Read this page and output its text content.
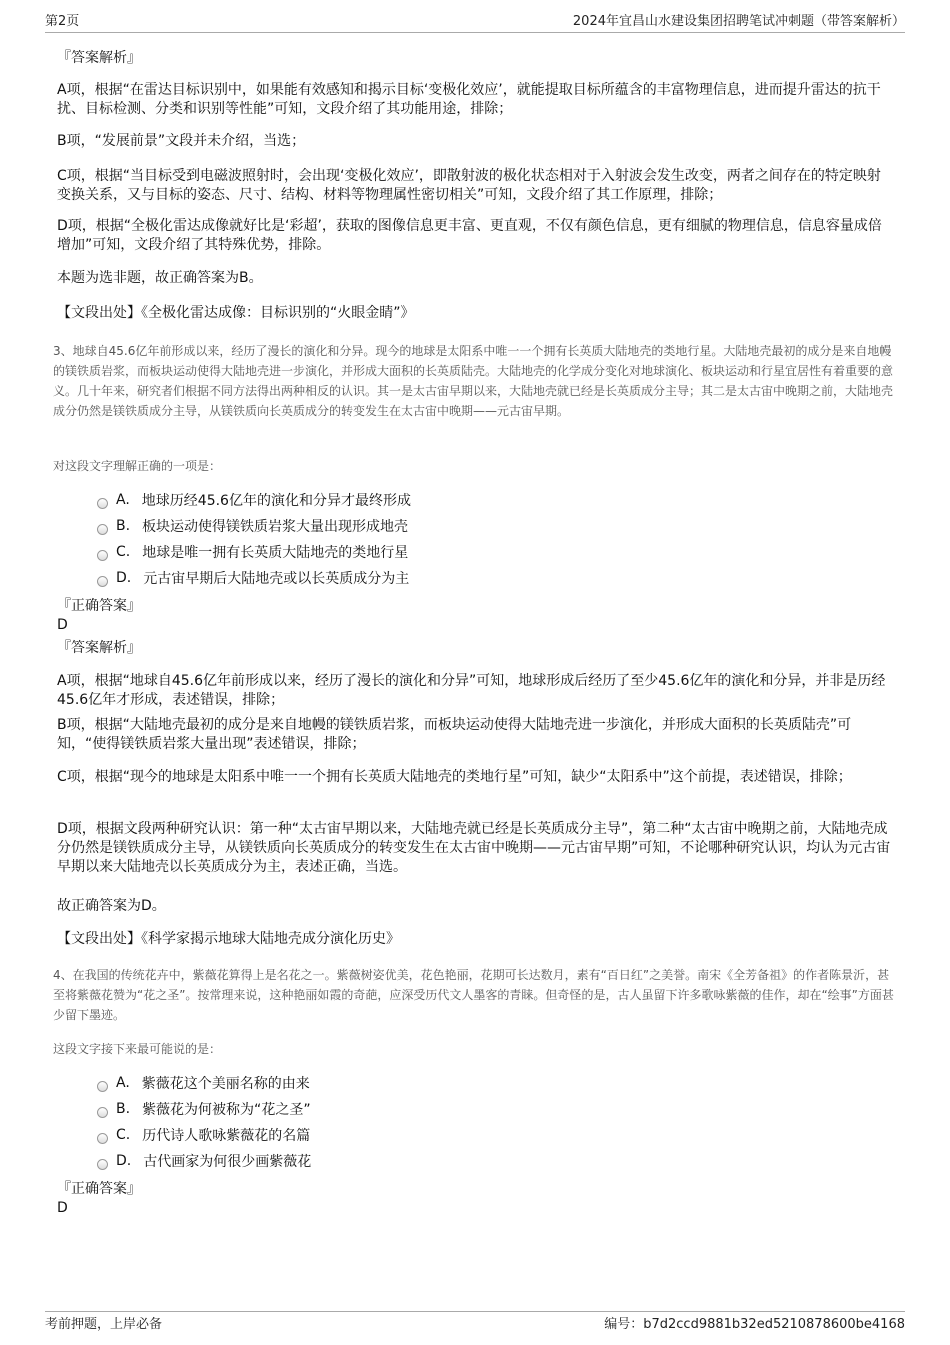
第2页	2024年宜昌山水建设集团招聘笔试冲刺题（带答案解析）
『答案解析』
A项，根据“在雷达目标识别中，如果能有效感知和揭示目标‘变极化效应’，就能提取目标所蕴含的丰富物理信息，进而提升雷达的抗干扰、目标检测、分类和识别等性能”可知，文段介绍了其功能用途，排除；
B项，“发展前景”文段并未介绍，当选；
C项，根据“当目标受到电磁波照射时，会出现‘变极化效应’，即散射波的极化状态相对于入射波会发生改变，两者之间存在的特定映射变换关系，又与目标的姿态、尺寸、结构、材料等物理属性密切相关”可知，文段介绍了其工作原理，排除；
D项，根据“全极化雷达成像就好比是‘彩超’，获取的图像信息更丰富、更直观，不仅有颜色信息，更有细腻的物理信息，信息容量成倍增加”可知，文段介绍了其特殊优势，排除。
本题为选非题，故正确答案为B。
【文段出处】《全极化雷达成像：目标识别的“火眼金睛”》
3、地球自45.6亿年前形成以来，经历了漫长的演化和分异。现今的地球是太阳系中唯一一个拥有长英质大陆地壳的类地行星。大陆地壳最初的成分是来自地幔的镁铁质岩浆，而板块运动使得大陆地壳进一步演化，并形成大面积的长英质陆壳。大陆地壳的化学成分变化对地球演化、板块运动和行星宜居性有着重要的意义。几十年来，研究者们根据不同方法得出两种相反的认识。其一是太古宙早期以来，大陆地壳就已经是长英质成分主导；其二是太古宙中晚期之前，大陆地壳成分仍然是镁铁质成分主导，从镁铁质向长英质成分的转变发生在太古宙中晚期——元古宙早期。
对这段文字理解正确的一项是：
A. 地球历经45.6亿年的演化和分异才最终形成
B. 板块运动使得镁铁质岩浆大量出现形成地壳
C. 地球是唯一拥有长英质大陆地壳的类地行星
D. 元古宙早期后大陆地壳或以长英质成分为主
『正确答案』
D
『答案解析』
A项，根据“地球自45.6亿年前形成以来，经历了漫长的演化和分异”可知，地球形成后经历了至少45.6亿年的演化和分异，并非是历经45.6亿年才形成，表述错误，排除；
B项，根据“大陆地壳最初的成分是来自地幔的镁铁质岩浆，而板块运动使得大陆地壳进一步演化，并形成大面积的长英质陆壳”可知，“使得镁铁质岩浆大量出现”表述错误，排除；
C项，根据“现今的地球是太阳系中唯一一个拥有长英质大陆地壳的类地行星”可知，缺少“太阳系中”这个前提，表述错误，排除；
D项，根据文段两种研究认识：第一种“太古宙早期以来，大陆地壳就已经是长英质成分主导”，第二种“太古宙中晚期之前，大陆地壳成分仍然是镁铁质成分主导，从镁铁质向长英质成分的转变发生在太古宙中晚期——元古宙早期”可知，不论哪种研究认识，均认为元古宙早期以来大陆地壳以长英质成分为主，表述正确，当选。
故正确答案为D。
【文段出处】《科学家揭示地球大陆地壳成分演化历史》
4、在我国的传统花卉中，紫薇花算得上是名花之一。紫薇树姿优美，花色艳丽，花期可长达数月，素有“百日红”之美誉。南宋《全芳备祖》的作者陈景沂，甚至将紫薇花赞为“花之圣”。按常理来说，这种艳丽如霞的奇葩，应深受历代文人墨客的青睐。但奇怪的是，古人虽留下许多歌咏紫薇的佳作，却在“绘事”方面甚少留下墨迹。
这段文字接下来最可能说的是：
A. 紫薇花这个美丽名称的由来
B. 紫薇花为何被称为“花之圣”
C. 历代诗人歌咏紫薇花的名篇
D. 古代画家为何很少画紫薇花
『正确答案』
D
考前押题，上岸必备	编号：b7d2ccd9881b32ed5210878600be4168
